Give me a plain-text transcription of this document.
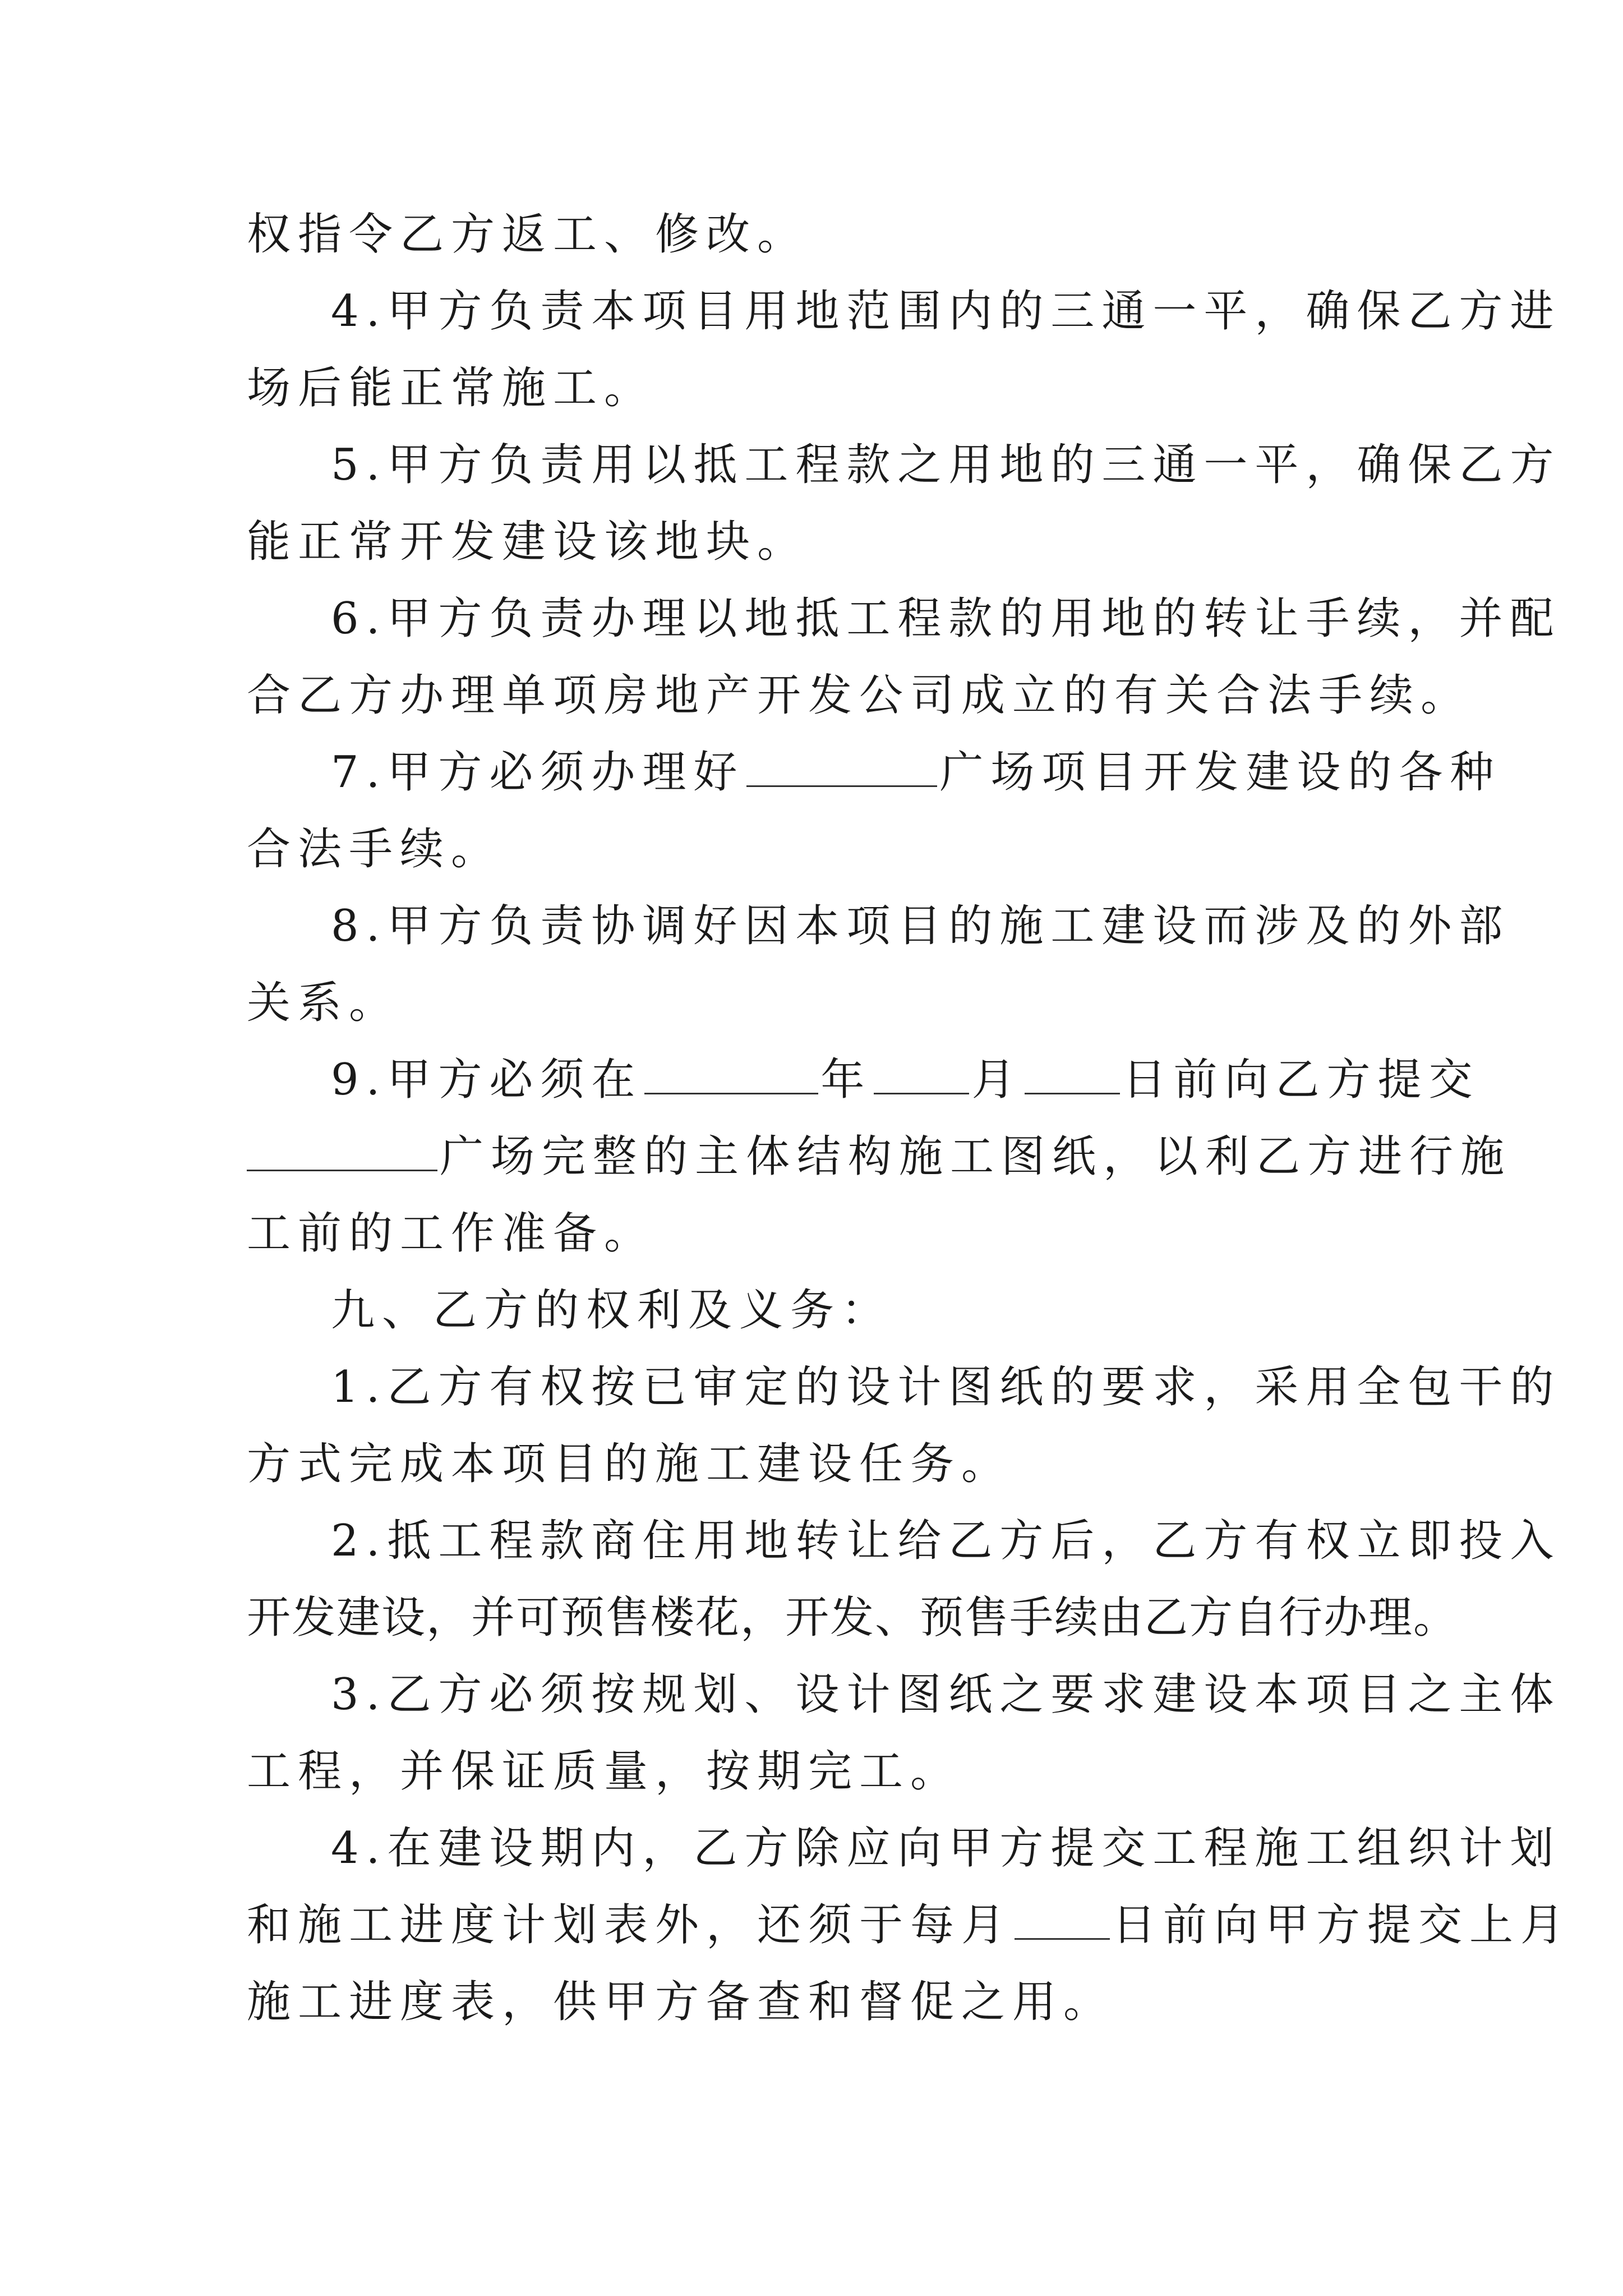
权指令乙方返工、修改。
4.甲方负责本项目用地范围内的三通一平，确保乙方进
场后能正常施工。
5.甲方负责用以抵工程款之用地的三通一平，确保乙方
能正常开发建设该地块。
6.甲方负责办理以地抵工程款的用地的转让手续，并配
合乙方办理单项房地产开发公司成立的有关合法手续。
7.甲方必须办理好	广场项目开发建设的各种
合法手续。
8.甲方负责协调好因本项目的施工建设而涉及的外部
关系。
9.甲方必须在	年 月 日前向乙方提交
广场完整的主体结构施工图纸，以利乙方进行施
工前的工作准备。
九、乙方的权利及义务：
1.乙方有权按已审定的设计图纸的要求，采用全包干的
方式完成本项目的施工建设任务。
2.抵工程款商住用地转让给乙方后，乙方有权立即投入
开发建设，并可预售楼花，开发、预售手续由乙方自行办理。
3.乙方必须按规划、设计图纸之要求建设本项目之主体
工程，并保证质量，按期完工。
4.在建设期内，乙方除应向甲方提交工程施工组织计划
和施工进度计划表外，还须于每月 日前向甲方提交上月
施工进度表，供甲方备查和督促之用。
